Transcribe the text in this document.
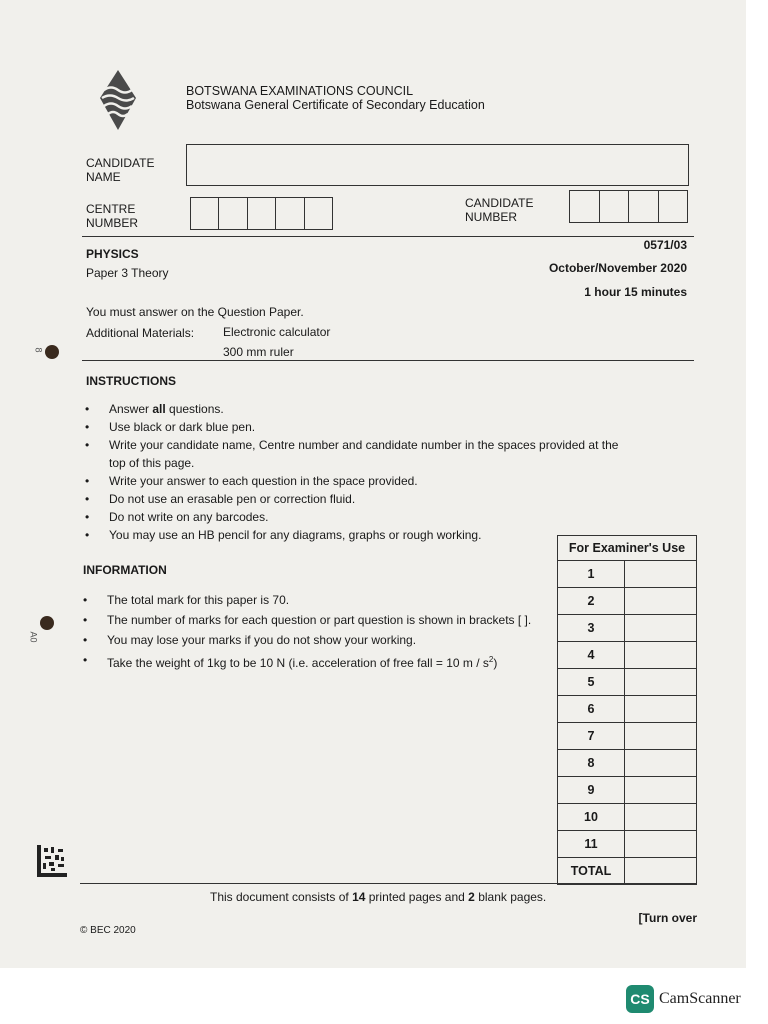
BOTSWANA EXAMINATIONS COUNCIL
Botswana General Certificate of Secondary Education
CANDIDATE
NAME
CENTRE
NUMBER
CANDIDATE
NUMBER
PHYSICS
Paper 3 Theory
0571/03
October/November 2020
1 hour 15 minutes
You must answer on the Question Paper.
Additional Materials: Electronic calculator
300 mm ruler
INSTRUCTIONS
• Answer all questions.
• Use black or dark blue pen.
• Write your candidate name, Centre number and candidate number in the spaces provided at the top of this page.
• Write your answer to each question in the space provided.
• Do not use an erasable pen or correction fluid.
• Do not write on any barcodes.
• You may use an HB pencil for any diagrams, graphs or rough working.
INFORMATION
• The total mark for this paper is 70.
• The number of marks for each question or part question is shown in brackets [ ].
• You may lose your marks if you do not show your working.
• Take the weight of 1kg to be 10 N (i.e. acceleration of free fall = 10 m / $s^2$)
For Examiner's Use	
1	
2	
3	
4	
5	
6	
7	
8	
9	
10	
11	
TOTAL	
This document consists of 14 printed pages and 2 blank pages.
[Turn over
© BEC 2020
8
A0
CS CamScanner
